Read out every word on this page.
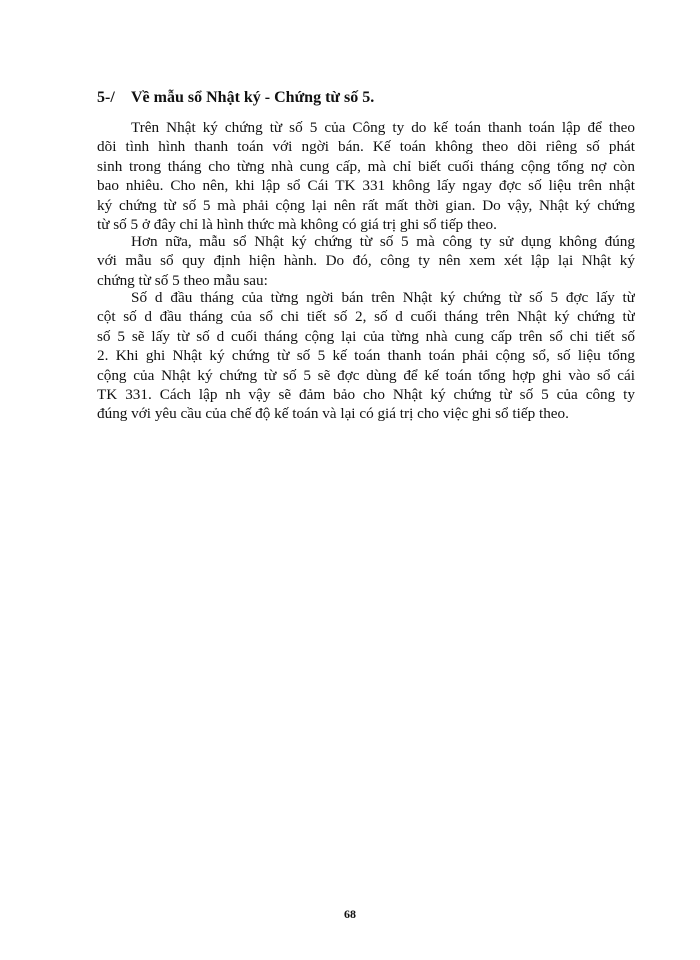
5-/ Về mẫu sổ Nhật ký - Chứng từ số 5.

Trên Nhật ký chứng từ số 5 của Công ty do kế toán thanh toán lập để theo
dõi tình hình thanh toán với ngời bán. Kế toán không theo dõi riêng số phát
sinh trong tháng cho từng nhà cung cấp, mà chỉ biết cuối tháng cộng tổng nợ còn
bao nhiêu. Cho nên, khi lập sổ Cái TK 331 không lấy ngay đợc số liệu trên nhật
ký chứng từ số 5 mà phải cộng lại nên rất mất thời gian. Do vậy, Nhật ký chứng
từ số 5 ở đây chỉ là hình thức mà không có giá trị ghi sổ tiếp theo.

Hơn nữa, mẫu sổ Nhật ký chứng từ số 5 mà công ty sử dụng không đúng
với mẫu sổ quy định hiện hành. Do đó, công ty nên xem xét lập lại Nhật ký
chứng từ số 5 theo mẫu sau:

Số d đầu tháng của từng ngời bán trên Nhật ký chứng từ số 5 đợc lấy từ
cột số d đầu tháng của sổ chi tiết số 2, số d cuối tháng trên Nhật ký chứng từ
số 5 sẽ lấy từ số d cuối tháng cộng lại của từng nhà cung cấp trên sổ chi tiết số
2. Khi ghi Nhật ký chứng từ số 5 kế toán thanh toán phải cộng sổ, số liệu tổng
cộng của Nhật ký chứng từ số 5 sẽ đợc dùng để kế toán tổng hợp ghi vào sổ cái
TK 331. Cách lập nh vậy sẽ đảm bảo cho Nhật ký chứng từ số 5 của công ty
đúng với yêu cầu của chế độ kế toán và lại có giá trị cho việc ghi sổ tiếp theo.

68
